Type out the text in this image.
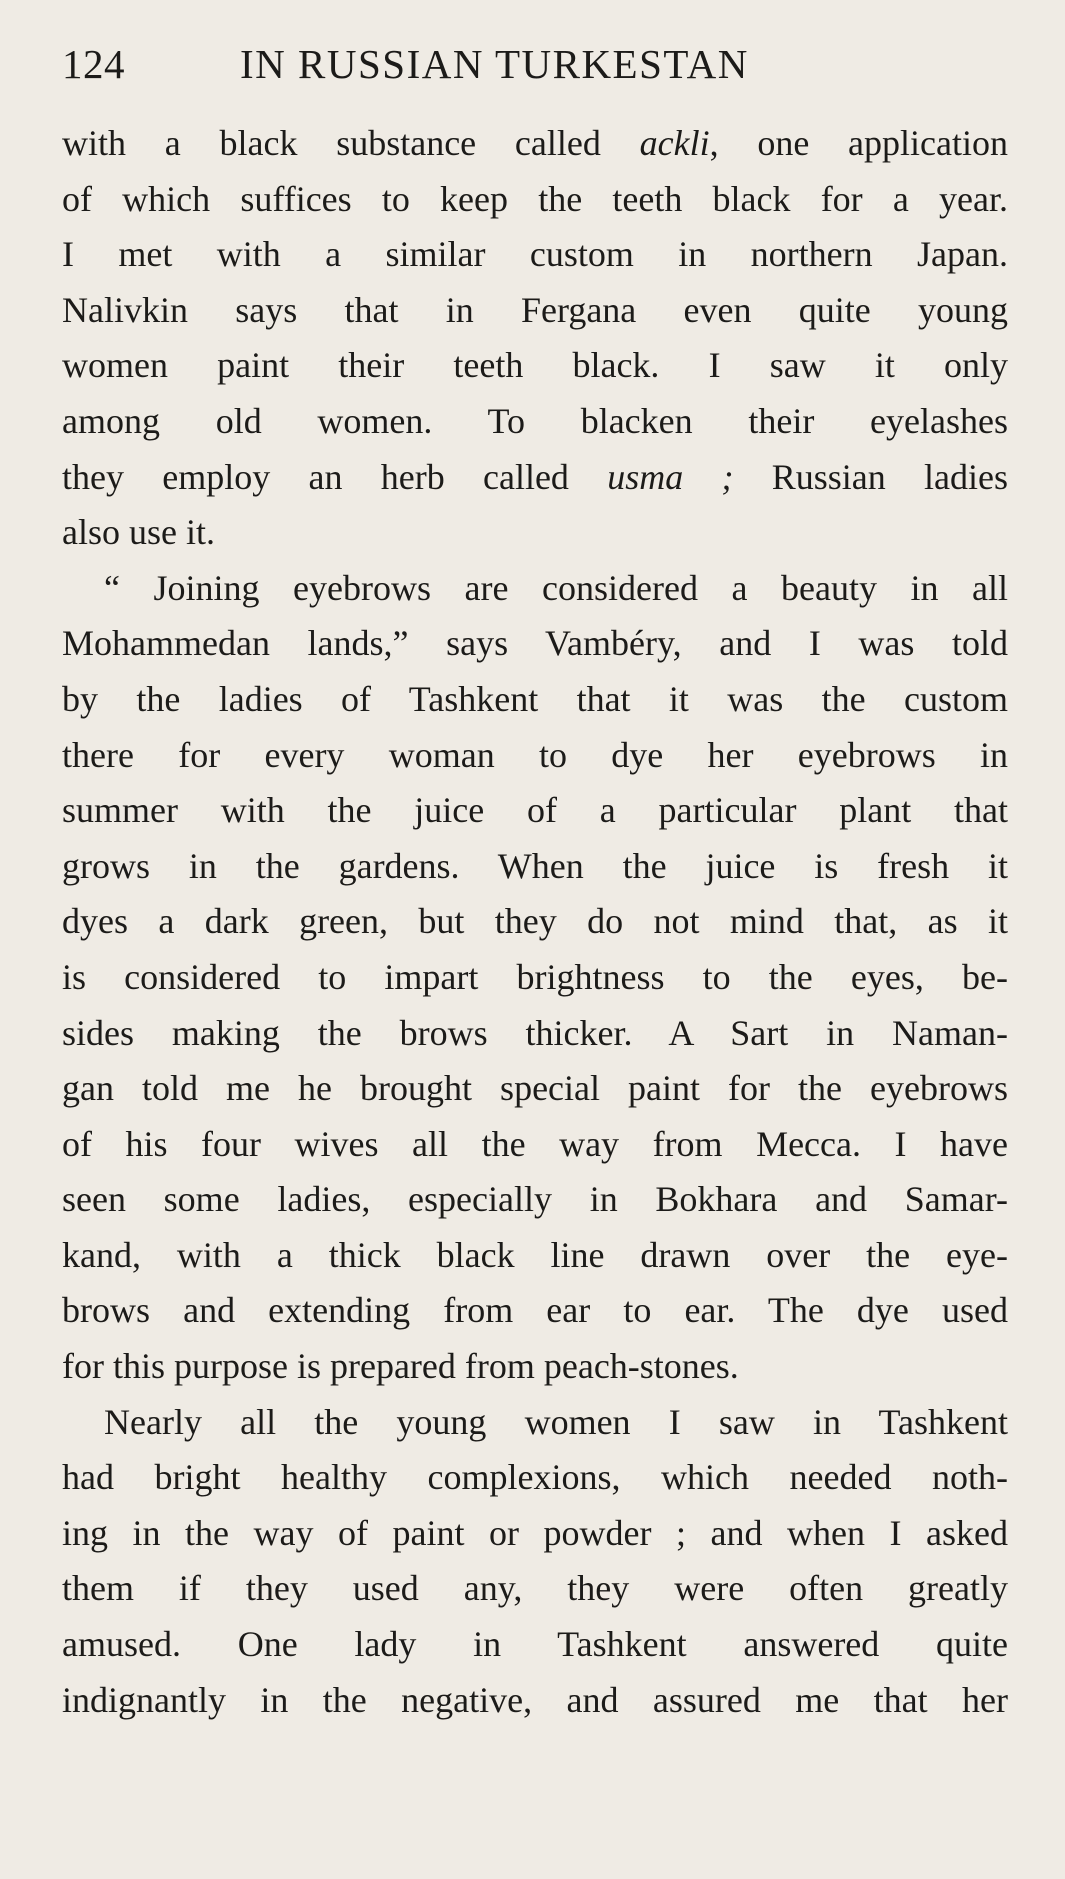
124	IN RUSSIAN TURKESTAN
with a black substance called ackli, one application
of which suffices to keep the teeth black for a year.
I met with a similar custom in northern Japan.
Nalivkin says that in Fergana even quite young
women paint their teeth black. I saw it only
among old women. To blacken their eyelashes
they employ an herb called usma ; Russian ladies
also use it.
“ Joining eyebrows are considered a beauty in all
Mohammedan lands,” says Vambéry, and I was told
by the ladies of Tashkent that it was the custom
there for every woman to dye her eyebrows in
summer with the juice of a particular plant that
grows in the gardens. When the juice is fresh it
dyes a dark green, but they do not mind that, as it
is considered to impart brightness to the eyes, be-
sides making the brows thicker. A Sart in Naman-
gan told me he brought special paint for the eyebrows
of his four wives all the way from Mecca. I have
seen some ladies, especially in Bokhara and Samar-
kand, with a thick black line drawn over the eye-
brows and extending from ear to ear. The dye used
for this purpose is prepared from peach-stones.
Nearly all the young women I saw in Tashkent
had bright healthy complexions, which needed noth-
ing in the way of paint or powder ; and when I asked
them if they used any, they were often greatly
amused. One lady in Tashkent answered quite
indignantly in the negative, and assured me that her
